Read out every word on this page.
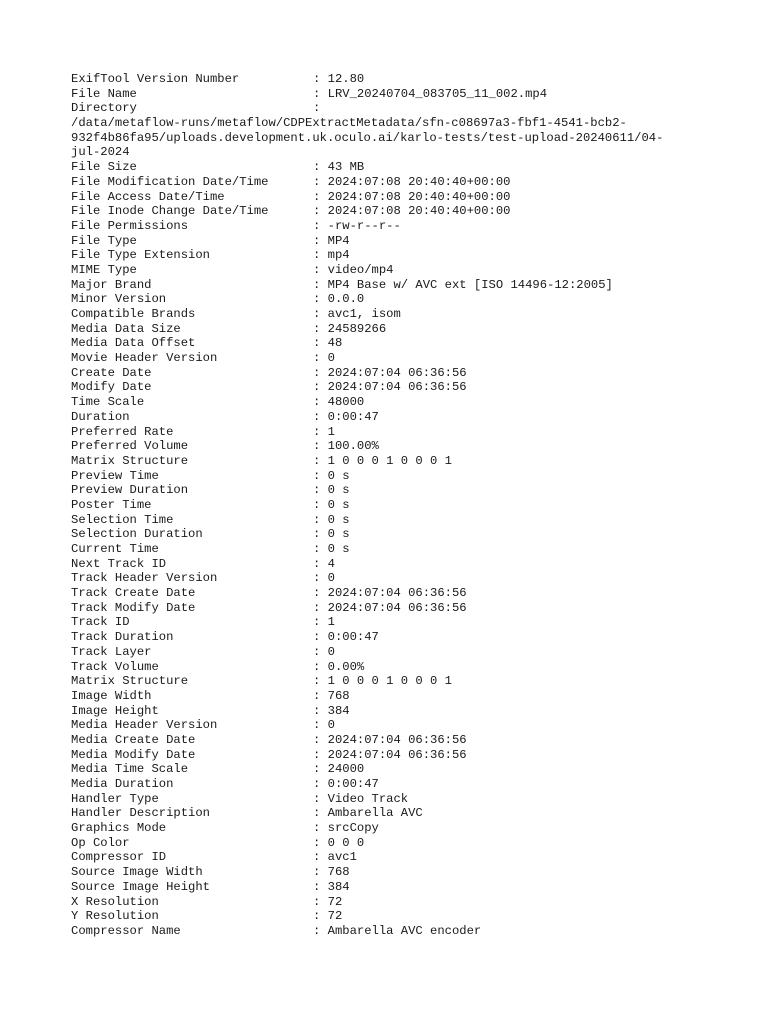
ExifTool Version Number	: 12.80
File Name	: LRV_20240704_083705_11_002.mp4
Directory	:
/data/metaflow-runs/metaflow/CDPExtractMetadata/sfn-c08697a3-fbf1-4541-bcb2-
932f4b86fa95/uploads.development.uk.oculo.ai/karlo-tests/test-upload-20240611/04-
jul-2024
File Size	: 43 MB
File Modification Date/Time	: 2024:07:08 20:40:40+00:00
File Access Date/Time	: 2024:07:08 20:40:40+00:00
File Inode Change Date/Time	: 2024:07:08 20:40:40+00:00
File Permissions	: -rw-r--r--
File Type	: MP4
File Type Extension	: mp4
MIME Type	: video/mp4
Major Brand	: MP4 Base w/ AVC ext [ISO 14496-12:2005]
Minor Version	: 0.0.0
Compatible Brands	: avc1, isom
Media Data Size	: 24589266
Media Data Offset	: 48
Movie Header Version	: 0
Create Date	: 2024:07:04 06:36:56
Modify Date	: 2024:07:04 06:36:56
Time Scale	: 48000
Duration	: 0:00:47
Preferred Rate	: 1
Preferred Volume	: 100.00%
Matrix Structure	: 1 0 0 0 1 0 0 0 1
Preview Time	: 0 s
Preview Duration	: 0 s
Poster Time	: 0 s
Selection Time	: 0 s
Selection Duration	: 0 s
Current Time	: 0 s
Next Track ID	: 4
Track Header Version	: 0
Track Create Date	: 2024:07:04 06:36:56
Track Modify Date	: 2024:07:04 06:36:56
Track ID	: 1
Track Duration	: 0:00:47
Track Layer	: 0
Track Volume	: 0.00%
Matrix Structure	: 1 0 0 0 1 0 0 0 1
Image Width	: 768
Image Height	: 384
Media Header Version	: 0
Media Create Date	: 2024:07:04 06:36:56
Media Modify Date	: 2024:07:04 06:36:56
Media Time Scale	: 24000
Media Duration	: 0:00:47
Handler Type	: Video Track
Handler Description	: Ambarella AVC
Graphics Mode	: srcCopy
Op Color	: 0 0 0
Compressor ID	: avc1
Source Image Width	: 768
Source Image Height	: 384
X Resolution	: 72
Y Resolution	: 72
Compressor Name	: Ambarella AVC encoder
